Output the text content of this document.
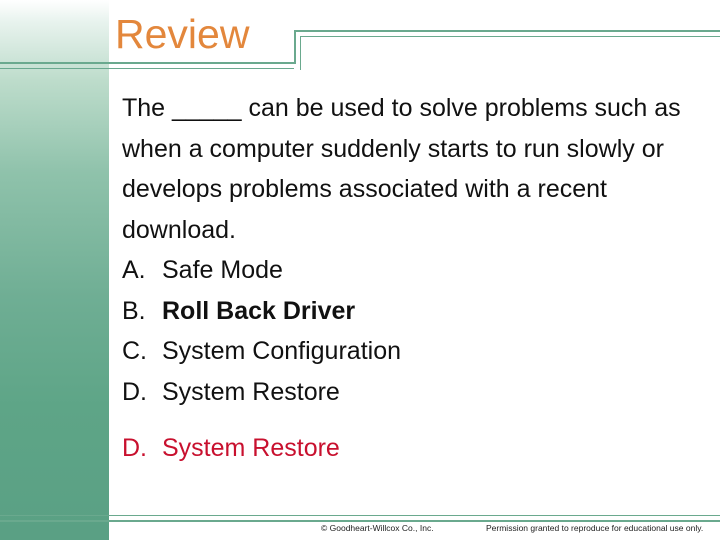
Review

The _____ can be used to solve problems such as when a computer suddenly starts to run slowly or develops problems associated with a recent download.

A. Safe Mode
B. Roll Back Driver
C. System Configuration
D. System Restore
D. System Restore
© Goodheart-Willcox Co., Inc.	Permission granted to reproduce for educational use only.
